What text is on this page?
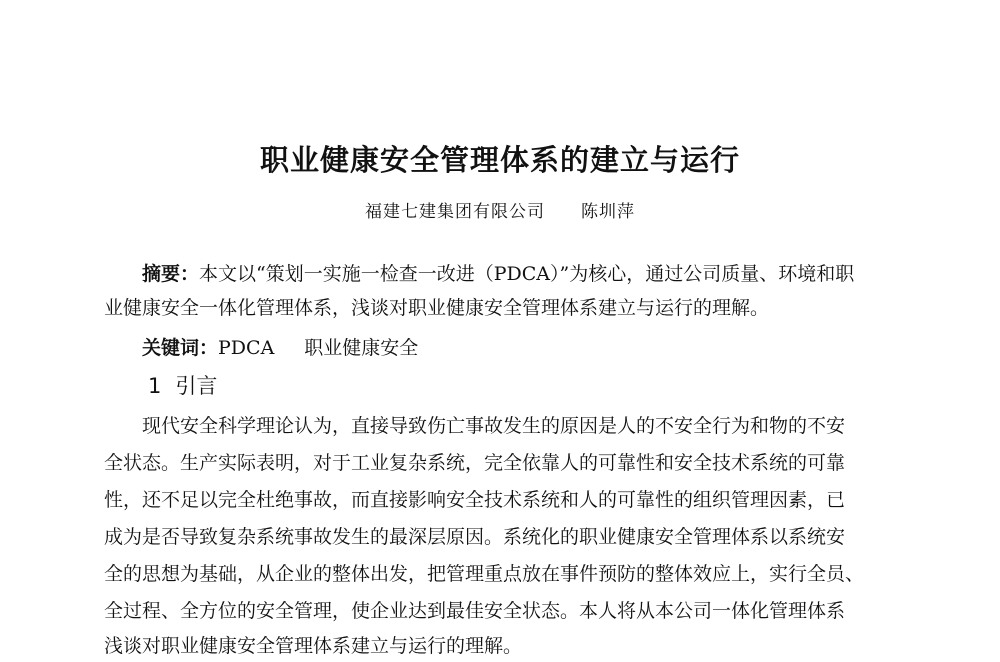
职业健康安全管理体系的建立与运行
福建七建集团有限公司 陈圳萍
摘要：本文以“策划一实施一检查一改进（PDCA）”为核心，通过公司质量、环境和职
业健康安全一体化管理体系，浅谈对职业健康安全管理体系建立与运行的理解。
关键词：PDCA 职业健康安全
1 引言
现代安全科学理论认为，直接导致伤亡事故发生的原因是人的不安全行为和物的不安
全状态。生产实际表明，对于工业复杂系统，完全依靠人的可靠性和安全技术系统的可靠
性，还不足以完全杜绝事故，而直接影响安全技术系统和人的可靠性的组织管理因素，已
成为是否导致复杂系统事故发生的最深层原因。系统化的职业健康安全管理体系以系统安
全的思想为基础，从企业的整体出发，把管理重点放在事件预防的整体效应上，实行全员、
全过程、全方位的安全管理，使企业达到最佳安全状态。本人将从本公司一体化管理体系
浅谈对职业健康安全管理体系建立与运行的理解。
